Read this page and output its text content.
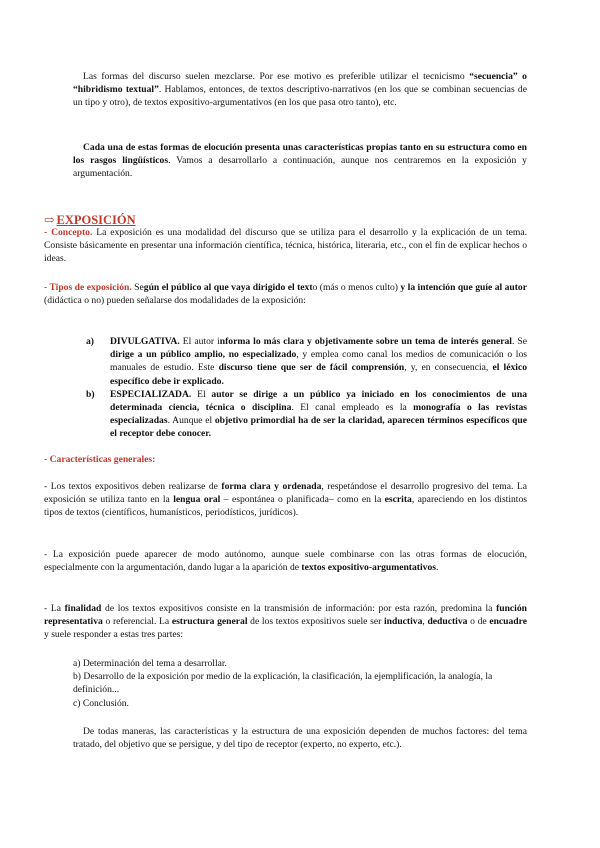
Las formas del discurso suelen mezclarse. Por ese motivo es preferible utilizar el tecnicismo “secuencia” o “hibridismo textual”. Hablamos, entonces, de textos descriptivo-narrativos (en los que se combinan secuencias de un tipo y otro), de textos expositivo-argumentativos (en los que pasa otro tanto), etc.

Cada una de estas formas de elocución presenta unas características propias tanto en su estructura como en los rasgos lingüísticos. Vamos a desarrollarlo a continuación, aunque nos centraremos en la exposición y argumentación.

⇨ EXPOSICIÓN

- Concepto. La exposición es una modalidad del discurso que se utiliza para el desarrollo y la explicación de un tema. Consiste básicamente en presentar una información científica, técnica, histórica, literaria, etc., con el fin de explicar hechos o ideas.

- Tipos de exposición. Según el público al que vaya dirigido el texto (más o menos culto) y la intención que guíe al autor (didáctica o no) pueden señalarse dos modalidades de la exposición:

a) DIVULGATIVA. El autor informa lo más clara y objetivamente sobre un tema de interés general. Se dirige a un público amplio, no especializado, y emplea como canal los medios de comunicación o los manuales de estudio. Este discurso tiene que ser de fácil comprensión, y, en consecuencia, el léxico específico debe ir explicado.
b) ESPECIALIZADA. El autor se dirige a un público ya iniciado en los conocimientos de una determinada ciencia, técnica o disciplina. El canal empleado es la monografía o las revistas especializadas. Aunque el objetivo primordial ha de ser la claridad, aparecen términos específicos que el receptor debe conocer.

- Características generales:

- Los textos expositivos deben realizarse de forma clara y ordenada, respetándose el desarrollo progresivo del tema. La exposición se utiliza tanto en la lengua oral – espontánea o planificada– como en la escrita, apareciendo en los distintos tipos de textos (científicos, humanísticos, periodísticos, jurídicos).

- La exposición puede aparecer de modo autónomo, aunque suele combinarse con las otras formas de elocución, especialmente con la argumentación, dando lugar a la aparición de textos expositivo-argumentativos.

- La finalidad de los textos expositivos consiste en la transmisión de información: por esta razón, predomina la función representativa o referencial. La estructura general de los textos expositivos suele ser inductiva, deductiva o de encuadre y suele responder a estas tres partes:

a) Determinación del tema a desarrollar.

b) Desarrollo de la exposición por medio de la explicación, la clasificación, la ejemplificación, la analogía, la definición...

c) Conclusión.

De todas maneras, las características y la estructura de una exposición dependen de muchos factores: del tema tratado, del objetivo que se persigue, y del tipo de receptor (experto, no experto, etc.).
